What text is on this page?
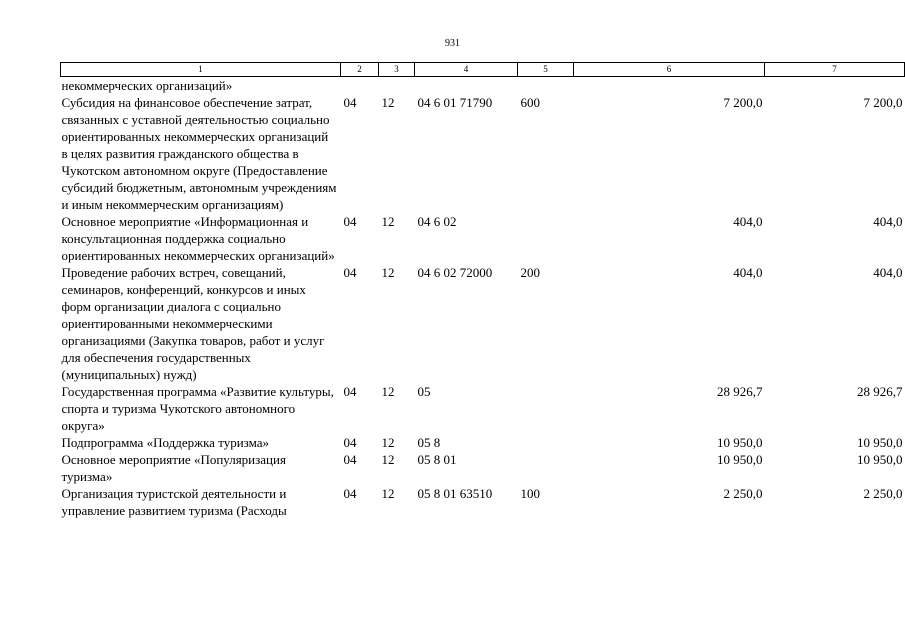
931
1	2	3	4	5	6	7
некоммерческих организаций»						
Субсидия на финансовое обеспечение затрат, связанных с уставной деятельностью социально ориентированных некоммерческих организаций в целях развития гражданского общества в Чукотском автономном округе (Предоставление субсидий бюджетным, автономным учреждениям и иным некоммерческим организациям)	04	12	04 6 01 71790	600	7 200,0	7 200,0
Основное мероприятие «Информационная и консультационная поддержка социально ориентированных некоммерческих организаций»	04	12	04 6 02		404,0	404,0
Проведение рабочих встреч, совещаний, семинаров, конференций, конкурсов и иных форм организации диалога с социально ориентированными некоммерческими организациями (Закупка товаров, работ и услуг для обеспечения государственных (муниципальных) нужд)	04	12	04 6 02 72000	200	404,0	404,0
Государственная программа «Развитие культуры, спорта и туризма Чукотского автономного округа»	04	12	05		28 926,7	28 926,7
Подпрограмма «Поддержка туризма»	04	12	05 8		10 950,0	10 950,0
Основное мероприятие «Популяризация туризма»	04	12	05 8 01		10 950,0	10 950,0
Организация туристской деятельности и управление развитием туризма (Расходы	04	12	05 8 01 63510	100	2 250,0	2 250,0
